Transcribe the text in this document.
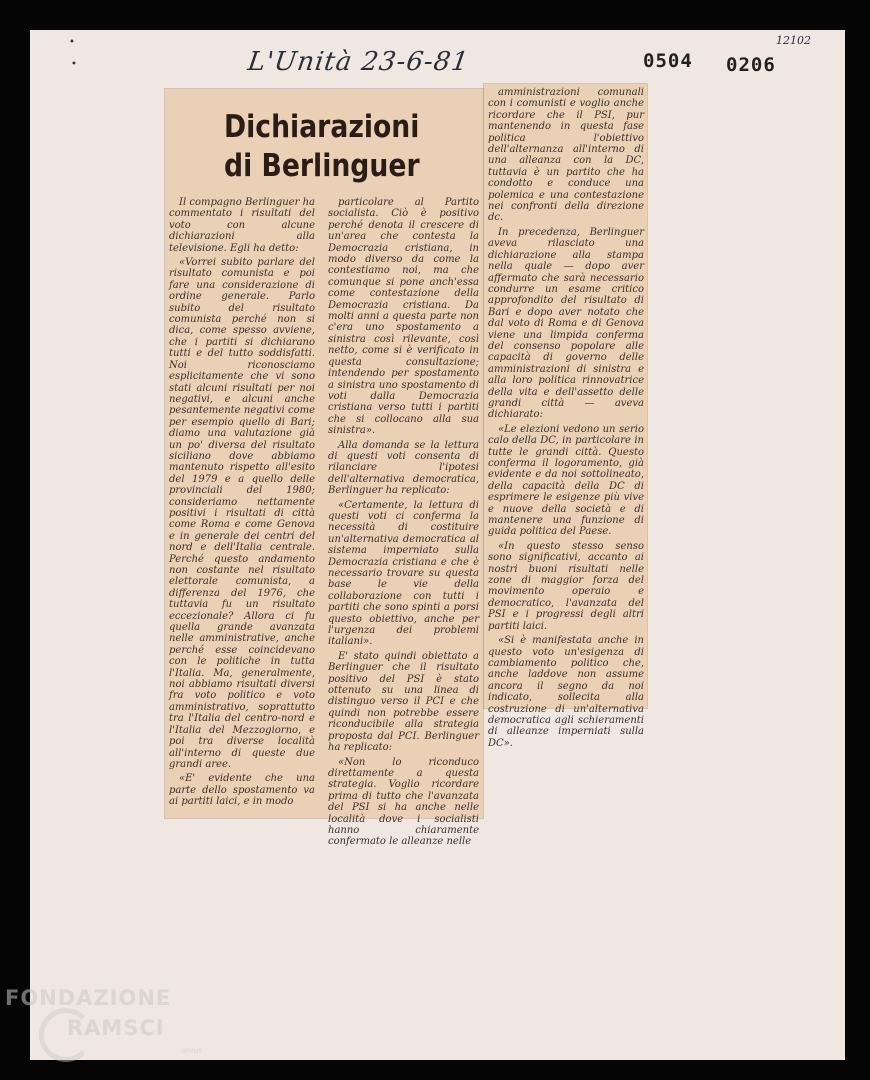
•
•	L'Unità 23-6-81
12102
0504 0206
Dichiarazioni
di Berlinguer

Il compagno Berlinguer ha commentato i risultati del voto con alcune dichiarazioni alla televisione. Egli ha detto:

«Vorrei subito parlare del risultato comunista e poi fare una considerazione di ordine generale. Parlo subito del risultato comunista perché non si dica, come spesso avviene, che i partiti si dichiarano tutti e del tutto soddisfatti. Noi riconosciamo esplicitamente che vi sono stati alcuni risultati per noi negativi, e alcuni anche pesantemente negativi come per esempio quello di Bari; diamo una valutazione già un po' diversa del risultato siciliano dove abbiamo mantenuto rispetto all'esito del 1979 e a quello delle provinciali del 1980; consideriamo nettamente positivi i risultati di città come Roma e come Genova e in generale dei centri del nord e dell'Italia centrale. Perché questo andamento non costante nel risultato elettorale comunista, a differenza del 1976, che tuttavia fu un risultato eccezionale? Allora ci fu quella grande avanzata nelle amministrative, anche perché esse coincidevano con le politiche in tutta l'Italia. Ma, generalmente, noi abbiamo risultati diversi fra voto politico e voto amministrativo, soprattutto tra l'Italia del centro-nord e l'Italia del Mezzogiorno, e poi tra diverse località all'interno di queste due grandi aree.

«E' evidente che una parte dello spostamento va ai partiti laici, e in modo

particolare al Partito socialista. Ciò è positivo perché denota il crescere di un'area che contesta la Democrazia cristiana, in modo diverso da come la contestiamo noi, ma che comunque si pone anch'essa come contestazione della Democrazia cristiana. Da molti anni a questa parte non c'era uno spostamento a sinistra così rilevante, così netto, come si è verificato in questa consultazione; intendendo per spostamento a sinistra uno spostamento di voti dalla Democrazia cristiana verso tutti i partiti che si collocano alla sua sinistra».

Alla domanda se la lettura di questi voti consenta di rilanciare l'ipotesi dell'alternativa democratica, Berlinguer ha replicato:

«Certamente, la lettura di questi voti ci conferma la necessità di costituire un'alternativa democratica al sistema imperniato sulla Democrazia cristiana e che è necessario trovare su questa base le vie della collaborazione con tutti i partiti che sono spinti a porsi questo obiettivo, anche per l'urgenza dei problemi italiani».

E' stato quindi obiettato a Berlinguer che il risultato positivo del PSI è stato ottenuto su una linea di distinguo verso il PCI e che quindi non potrebbe essere riconducibile alla strategia proposta dal PCI. Berlinguer ha replicato:

«Non lo riconduco direttamente a questa strategia. Voglio ricordare prima di tutto che l'avanzata del PSI si ha anche nelle località dove i socialisti hanno chiaramente confermato le alleanze nelle

amministrazioni comunali con i comunisti e voglio anche ricordare che il PSI, pur mantenendo in questa fase politica l'obiettivo dell'alternanza all'interno di una alleanza con la DC, tuttavia è un partito che ha condotto e conduce una polemica e una contestazione nei confronti della direzione dc.

In precedenza, Berlinguer aveva rilasciato una dichiarazione alla stampa nella quale — dopo aver affermato che sarà necessario condurre un esame critico approfondito del risultato di Bari e dopo aver notato che dal voto di Roma e di Genova viene una limpida conferma del consenso popolare alle capacità di governo delle amministrazioni di sinistra e alla loro politica rinnovatrice della vita e dell'assetto delle grandi città — aveva dichiarato:

«Le elezioni vedono un serio calo della DC, in particolare in tutte le grandi città. Questo conferma il logoramento, già evidente e da noi sottolineato, della capacità della DC di esprimere le esigenze più vive e nuove della società e di mantenere una funzione di guida politica del Paese.

«In questo stesso senso sono significativi, accanto ai nostri buoni risultati nelle zone di maggior forza del movimento operaio e democratico, l'avanzata del PSI e i progressi degli altri partiti laici.

«Si è manifestata anche in questo voto un'esigenza di cambiamento politico che, anche laddove non assume ancora il segno da noi indicato, sollecita alla costruzione di un'alternativa democratica agli schieramenti di alleanze imperniati sulla DC».

FONDAZIONE
RAMSCI
onlus
